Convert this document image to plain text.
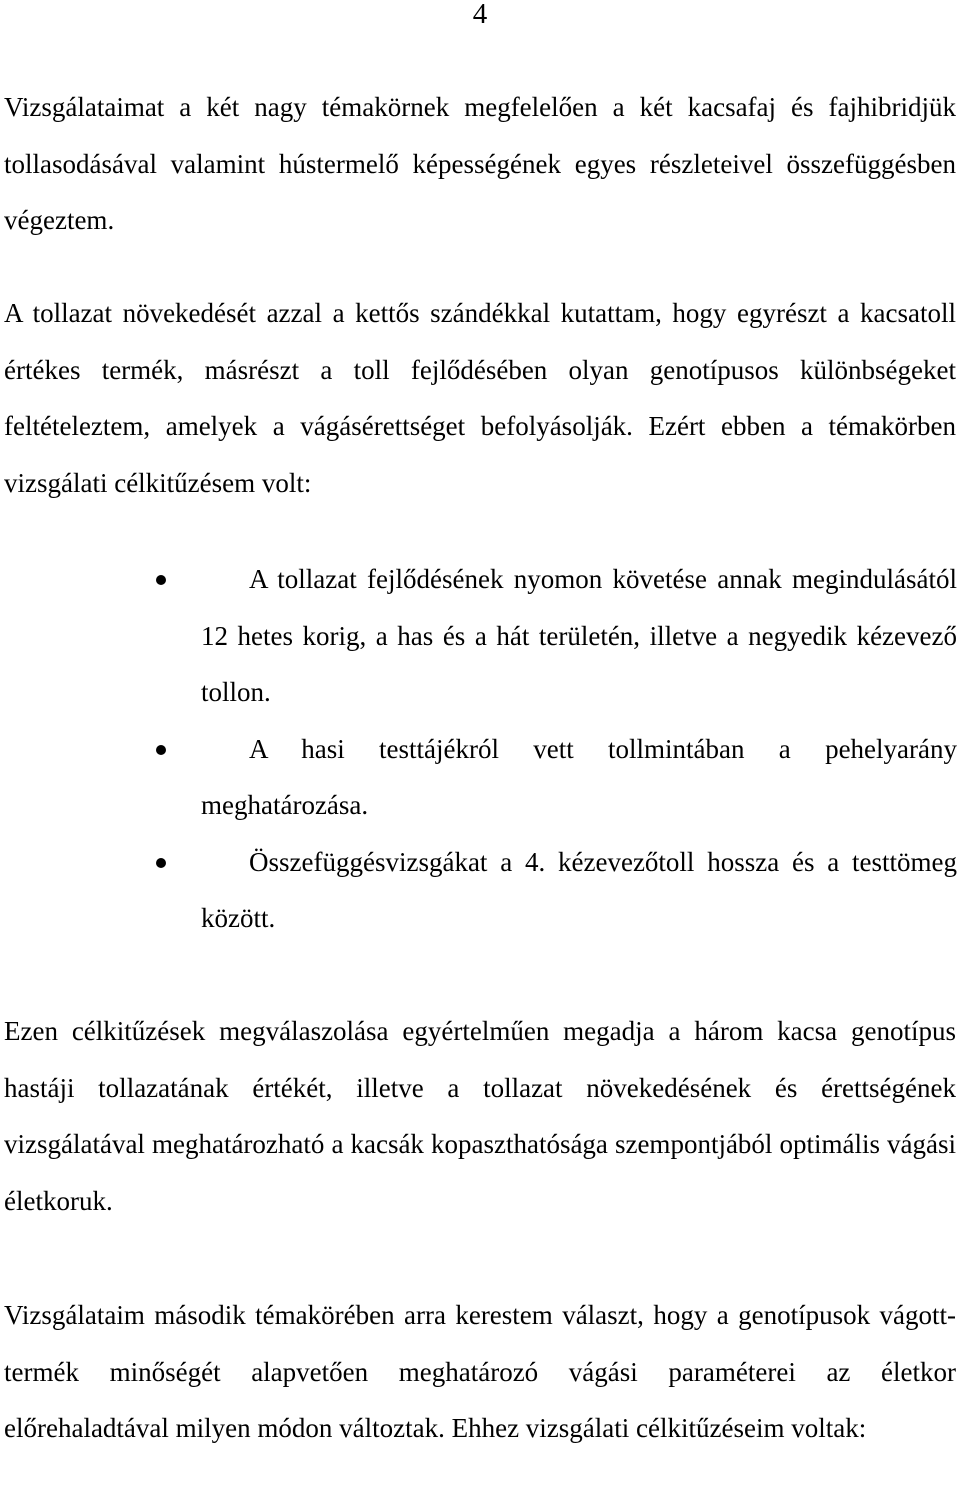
4

Vizsgálataimat a két nagy témakörnek megfelelően a két kacsafaj és fajhibridjük tollasodásával valamint hústermelő képességének egyes részleteivel összefüggésben végeztem.

A tollazat növekedését azzal a kettős szándékkal kutattam, hogy egyrészt a kacsatoll értékes termék, másrészt a toll fejlődésében olyan genotípusos különbségeket feltételeztem, amelyek a vágásérettséget befolyásolják. Ezért ebben a témakörben vizsgálati célkitűzésem volt:

A tollazat fejlődésének nyomon követése annak megindulásától 12 hetes korig, a has és a hát területén, illetve a negyedik kézevező tollon.
A hasi testtájékról vett tollmintában a pehelyarány meghatározása.
Összefüggésvizsgákat a 4. kézevezőtoll hossza és a testtömeg között.

Ezen célkitűzések megválaszolása egyértelműen megadja a három kacsa genotípus hastáji tollazatának értékét, illetve a tollazat növekedésének és érettségének vizsgálatával meghatározható a kacsák kopaszthatósága szempontjából optimális vágási életkoruk.

Vizsgálataim második témakörében arra kerestem választ, hogy a genotípusok vágott-termék minőségét alapvetően meghatározó vágási paraméterei az életkor előrehaladtával milyen módon változtak. Ehhez vizsgálati célkitűzéseim voltak:
